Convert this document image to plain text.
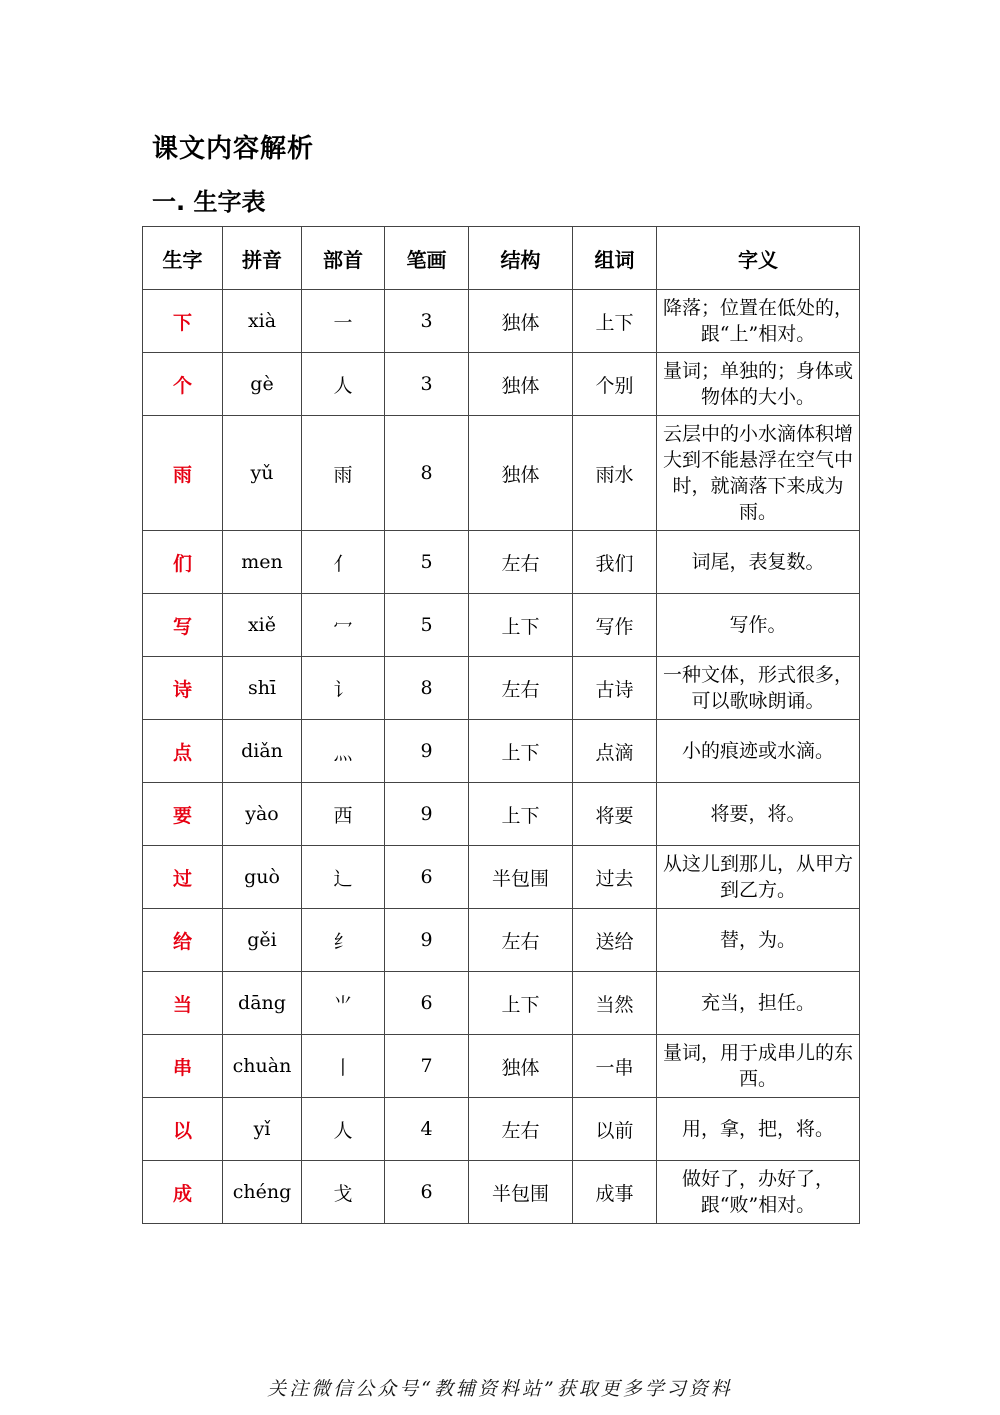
课文内容解析
一. 生字表
生字	拼音	部首	笔画	结构	组词	字义
下	xià	一	3	独体	上下	降落；位置在低处的，跟“上”相对。
个	gè	人	3	独体	个别	量词；单独的；身体或物体的大小。
雨	yǔ	雨	8	独体	雨水	云层中的小水滴体积增大到不能悬浮在空气中时，就滴落下来成为雨。
们	men	亻	5	左右	我们	词尾，表复数。
写	xiě	冖	5	上下	写作	写作。
诗	shī	讠	8	左右	古诗	一种文体，形式很多，可以歌咏朗诵。
点	diǎn	灬	9	上下	点滴	小的痕迹或水滴。
要	yào	西	9	上下	将要	将要，将。
过	guò	辶	6	半包围	过去	从这儿到那儿，从甲方到乙方。
给	gěi	纟	9	左右	送给	替，为。
当	dāng	⺌	6	上下	当然	充当，担任。
串	chuàn	丨	7	独体	一串	量词，用于成串儿的东西。
以	yǐ	人	4	左右	以前	用，拿，把，将。
成	chéng	戈	6	半包围	成事	做好了，办好了，跟“败”相对。
关注微信公众号“教辅资料站”获取更多学习资料
